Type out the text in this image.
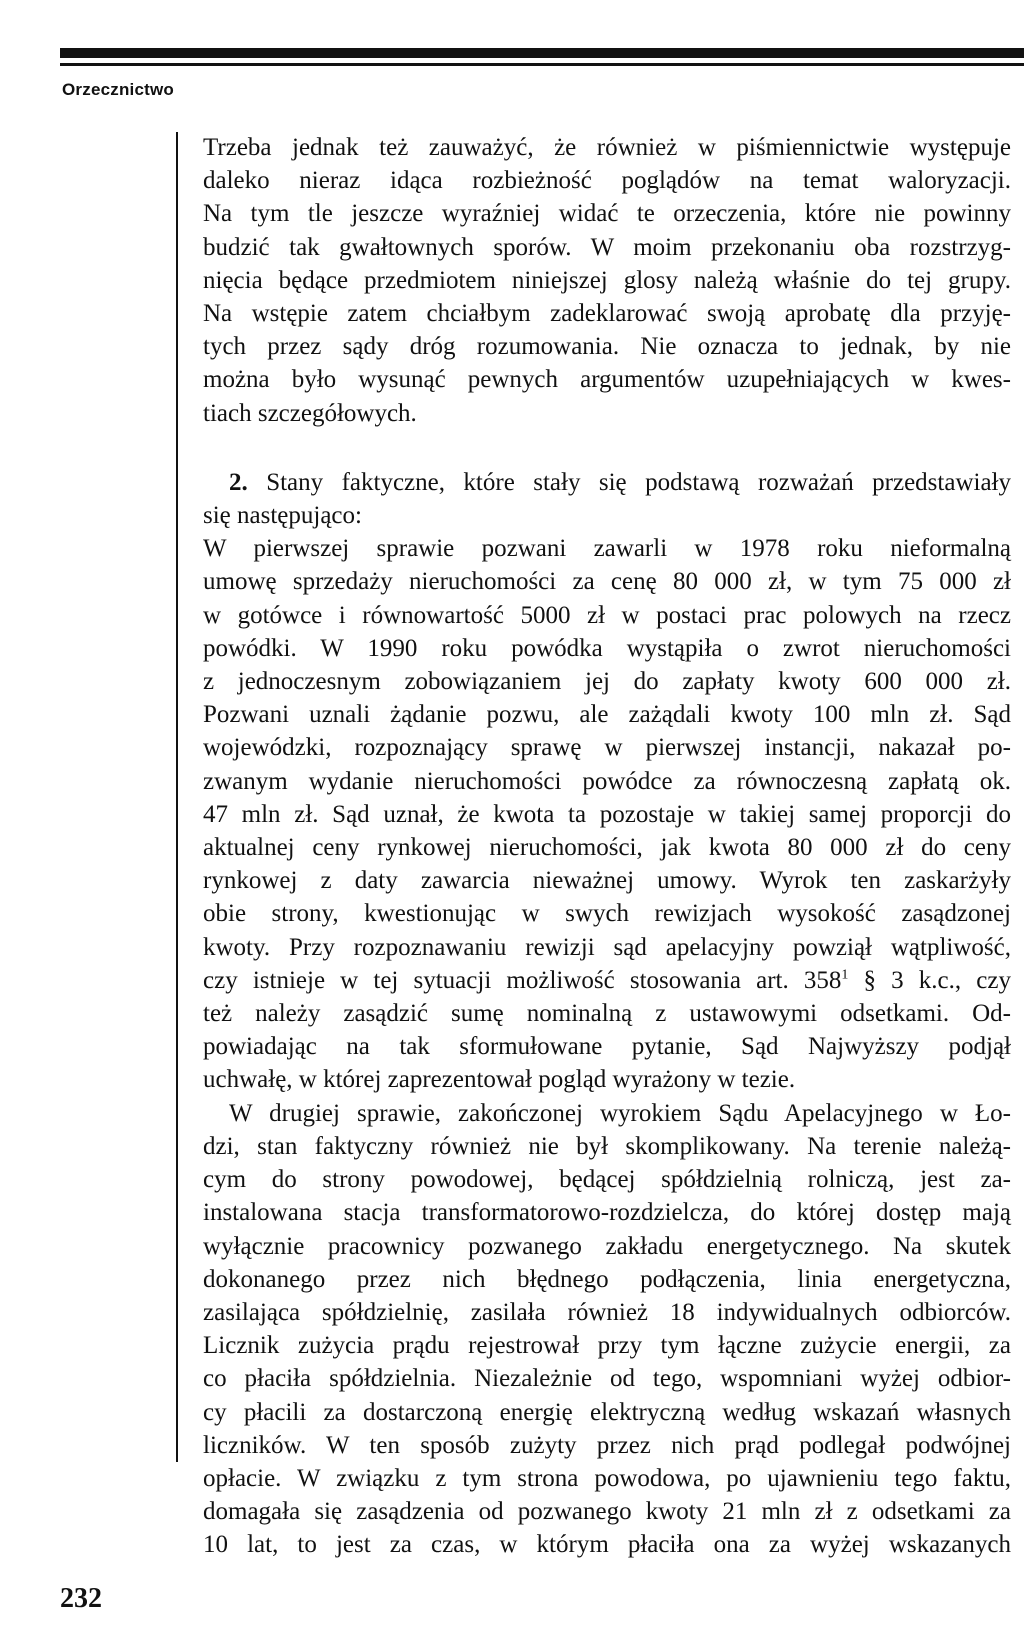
Orzecznictwo

Trzeba jednak też zauważyć, że również w piśmiennictwie występuje
daleko nieraz idąca rozbieżność poglądów na temat waloryzacji.
Na tym tle jeszcze wyraźniej widać te orzeczenia, które nie powinny
budzić tak gwałtownych sporów. W moim przekonaniu oba rozstrzyg-
nięcia będące przedmiotem niniejszej glosy należą właśnie do tej grupy.
Na wstępie zatem chciałbym zadeklarować swoją aprobatę dla przyję-
tych przez sądy dróg rozumowania. Nie oznacza to jednak, by nie
można było wysunąć pewnych argumentów uzupełniających w kwes-

tiach szczegółowych.

2. Stany faktyczne, które stały się podstawą rozważań przedstawiały

się następująco:

W pierwszej sprawie pozwani zawarli w 1978 roku nieformalną
umowę sprzedaży nieruchomości za cenę 80 000 zł, w tym 75 000 zł
w gotówce i równowartość 5000 zł w postaci prac polowych na rzecz
powódki. W 1990 roku powódka wystąpiła o zwrot nieruchomości
z jednoczesnym zobowiązaniem jej do zapłaty kwoty 600 000 zł.
Pozwani uznali żądanie pozwu, ale zażądali kwoty 100 mln zł. Sąd
wojewódzki, rozpoznający sprawę w pierwszej instancji, nakazał po-
zwanym wydanie nieruchomości powódce za równoczesną zapłatą ok.
47 mln zł. Sąd uznał, że kwota ta pozostaje w takiej samej proporcji do
aktualnej ceny rynkowej nieruchomości, jak kwota 80 000 zł do ceny
rynkowej z daty zawarcia nieważnej umowy. Wyrok ten zaskarżyły
obie strony, kwestionując w swych rewizjach wysokość zasądzonej
kwoty. Przy rozpoznawaniu rewizji sąd apelacyjny powziął wątpliwość,
czy istnieje w tej sytuacji możliwość stosowania art. $358^1$ § 3 k.c., czy
też należy zasądzić sumę nominalną z ustawowymi odsetkami. Od-
powiadając na tak sformułowane pytanie, Sąd Najwyższy podjął

uchwałę, w której zaprezentował pogląd wyrażony w tezie.

W drugiej sprawie, zakończonej wyrokiem Sądu Apelacyjnego w Ło-
dzi, stan faktyczny również nie był skomplikowany. Na terenie należą-
cym do strony powodowej, będącej spółdzielnią rolniczą, jest za-
instalowana stacja transformatorowo-rozdzielcza, do której dostęp mają
wyłącznie pracownicy pozwanego zakładu energetycznego. Na skutek
dokonanego przez nich błędnego podłączenia, linia energetyczna,
zasilająca spółdzielnię, zasilała również 18 indywidualnych odbiorców.
Licznik zużycia prądu rejestrował przy tym łączne zużycie energii, za
co płaciła spółdzielnia. Niezależnie od tego, wspomniani wyżej odbior-
cy płacili za dostarczoną energię elektryczną według wskazań własnych
liczników. W ten sposób zużyty przez nich prąd podlegał podwójnej
opłacie. W związku z tym strona powodowa, po ujawnieniu tego faktu,
domagała się zasądzenia od pozwanego kwoty 21 mln zł z odsetkami za
10 lat, to jest za czas, w którym płaciła ona za wyżej wskazanych

232
